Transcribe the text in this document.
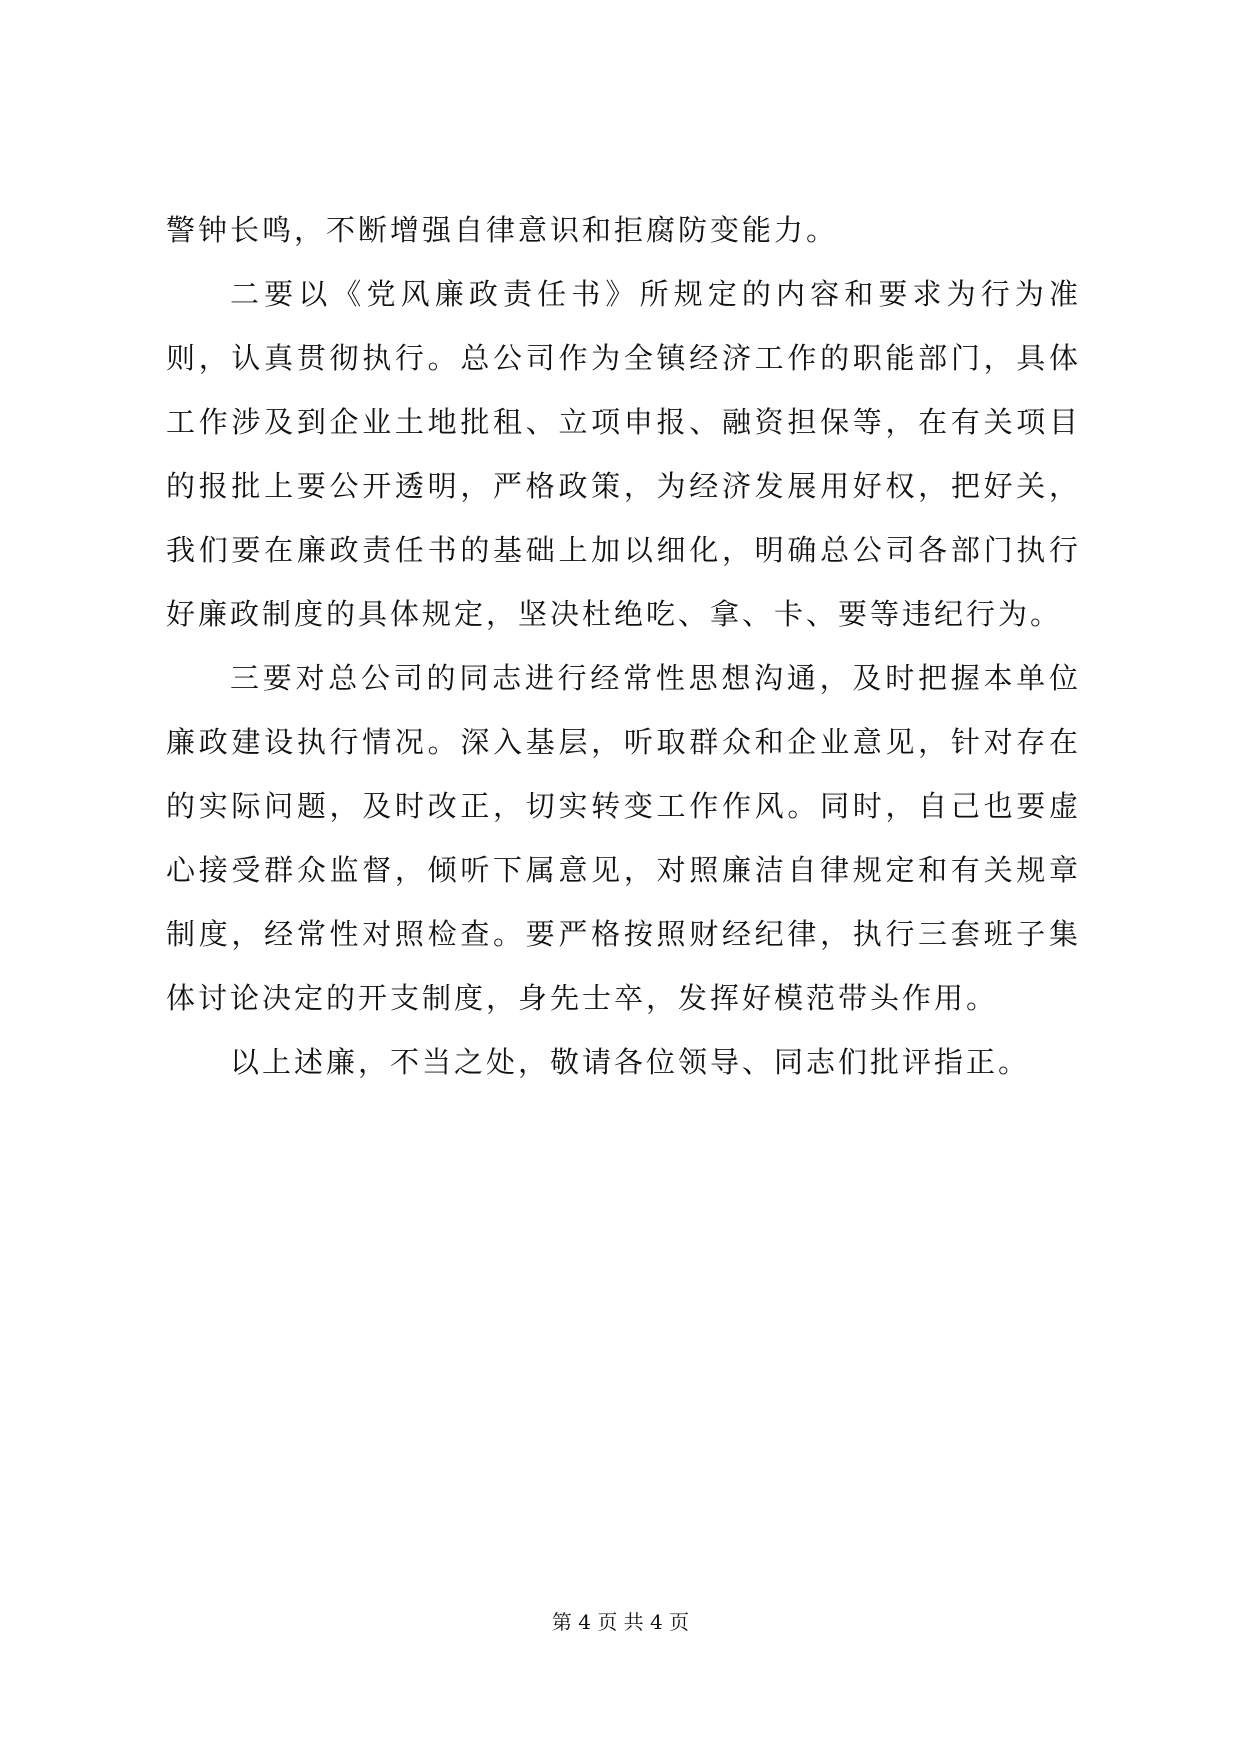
警钟长鸣，不断增强自律意识和拒腐防变能力。

二要以《党风廉政责任书》所规定的内容和要求为行为准则，认真贯彻执行。总公司作为全镇经济工作的职能部门，具体工作涉及到企业土地批租、立项申报、融资担保等，在有关项目的报批上要公开透明，严格政策，为经济发展用好权，把好关，我们要在廉政责任书的基础上加以细化，明确总公司各部门执行好廉政制度的具体规定，坚决杜绝吃、拿、卡、要等违纪行为。

三要对总公司的同志进行经常性思想沟通，及时把握本单位廉政建设执行情况。深入基层，听取群众和企业意见，针对存在的实际问题，及时改正，切实转变工作作风。同时，自己也要虚心接受群众监督，倾听下属意见，对照廉洁自律规定和有关规章制度，经常性对照检查。要严格按照财经纪律，执行三套班子集体讨论决定的开支制度，身先士卒，发挥好模范带头作用。

以上述廉，不当之处，敬请各位领导、同志们批评指正。

第 4 页 共 4 页
